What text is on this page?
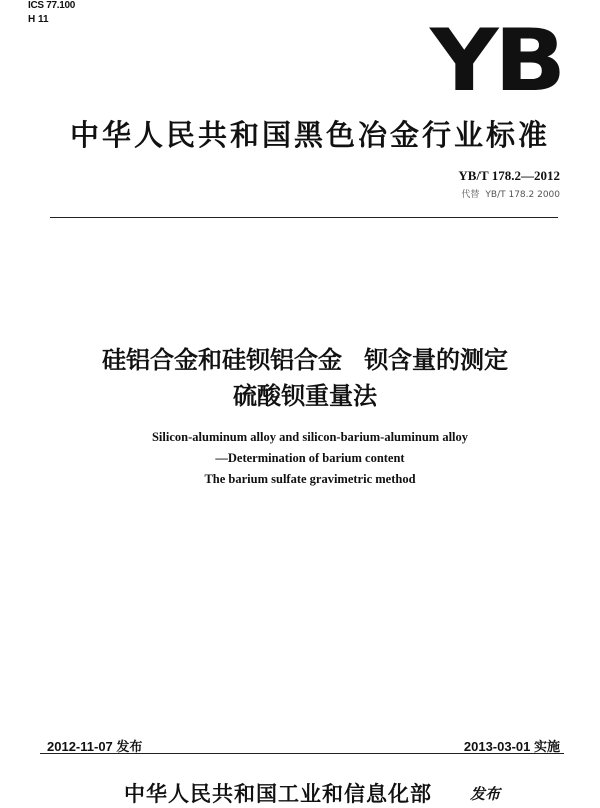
ICS 77.100
H 11	YB
中华人民共和国黑色冶金行业标准
YB/T 178.2—2012
代替 YB/T 178.2 2000
硅铝合金和硅钡铝合金 钡含量的测定
硫酸钡重量法
Silicon-aluminum alloy and silicon-barium-aluminum alloy
—Determination of barium content
The barium sulfate gravimetric method
2012-11-07 发布	2013-03-01 实施
中华人民共和国工业和信息化部	发布
